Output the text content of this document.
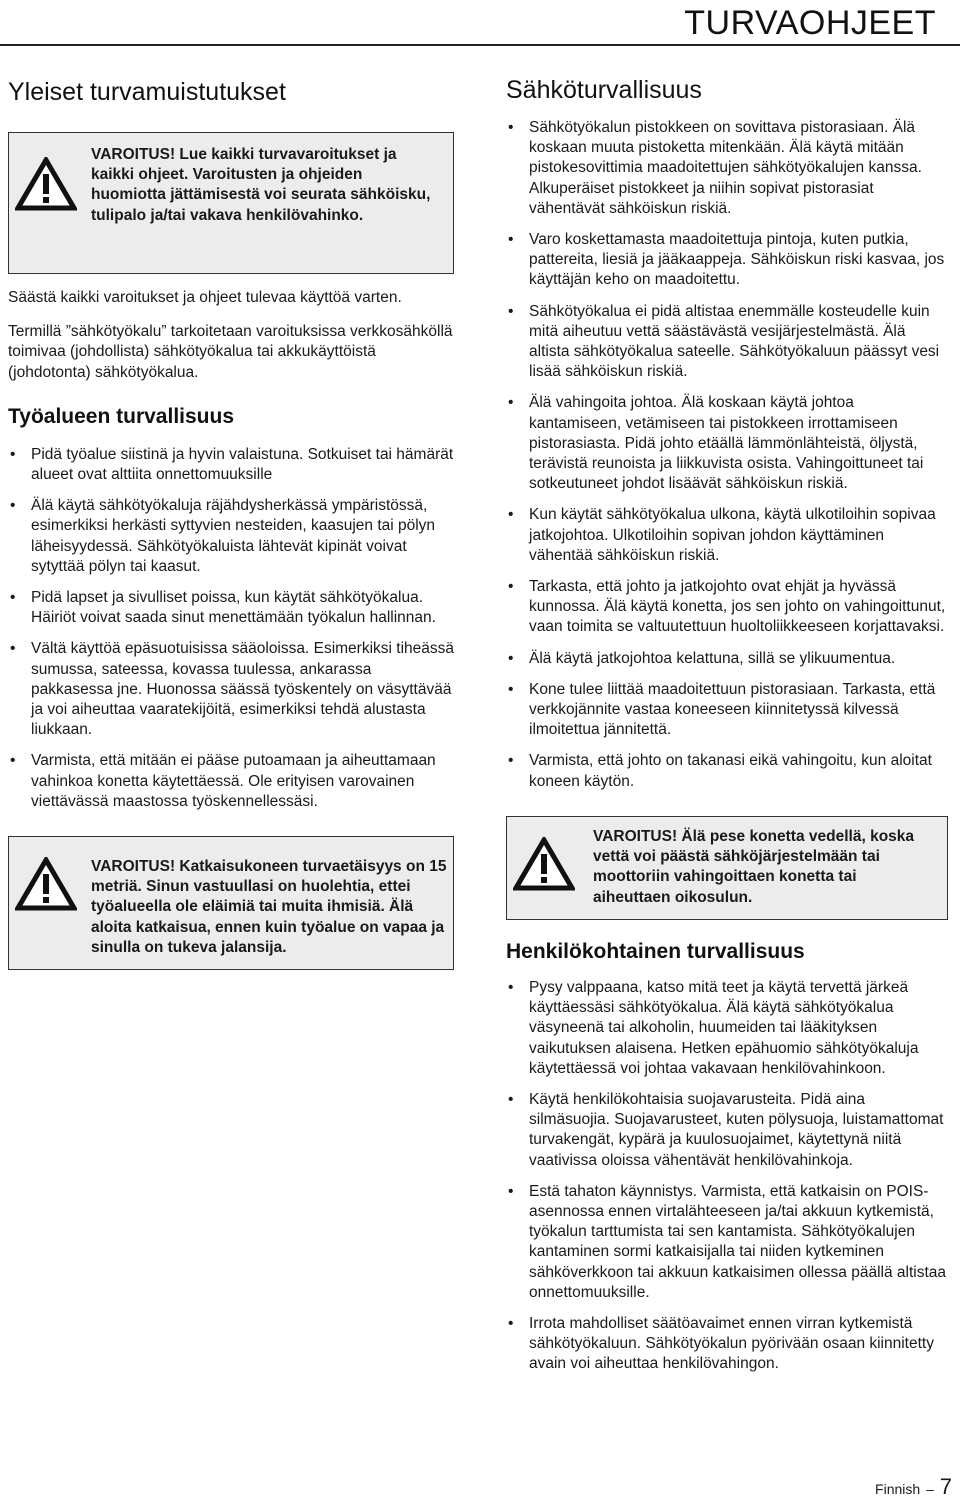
TURVAOHJEET
Yleiset turvamuistutukset

VAROITUS! Lue kaikki turvavaroitukset ja kaikki ohjeet. Varoitusten ja ohjeiden huomiotta jättämisestä voi seurata sähköisku, tulipalo ja/tai vakava henkilövahinko.

Säästä kaikki varoitukset ja ohjeet tulevaa käyttöä varten.

Termillä ”sähkötyökalu” tarkoitetaan varoituksissa verkkosähköllä toimivaa (johdollista) sähkötyökalua tai akkukäyttöistä (johdotonta) sähkötyökalua.

Työalueen turvallisuus
• Pidä työalue siistinä ja hyvin valaistuna. Sotkuiset tai hämärät alueet ovat alttiita onnettomuuksille
• Älä käytä sähkötyökaluja räjähdysherkässä ympäristössä, esimerkiksi herkästi syttyvien nesteiden, kaasujen tai pölyn läheisyydessä. Sähkötyökaluista lähtevät kipinät voivat sytyttää pölyn tai kaasut.
• Pidä lapset ja sivulliset poissa, kun käytät sähkötyökalua. Häiriöt voivat saada sinut menettämään työkalun hallinnan.
• Vältä käyttöä epäsuotuisissa sääoloissa. Esimerkiksi tiheässä sumussa, sateessa, kovassa tuulessa, ankarassa pakkasessa jne. Huonossa säässä työskentely on väsyttävää ja voi aiheuttaa vaaratekijöitä, esimerkiksi tehdä alustasta liukkaan.
• Varmista, että mitään ei pääse putoamaan ja aiheuttamaan vahinkoa konetta käytettäessä. Ole erityisen varovainen viettävässä maastossa työskennellessäsi.

VAROITUS! Katkaisukoneen turvaetäisyys on 15 metriä. Sinun vastuullasi on huolehtia, ettei työalueella ole eläimiä tai muita ihmisiä. Älä aloita katkaisua, ennen kuin työalue on vapaa ja sinulla on tukeva jalansija.

Sähköturvallisuus
• Sähkötyökalun pistokkeen on sovittava pistorasiaan. Älä koskaan muuta pistoketta mitenkään. Älä käytä mitään pistokesovittimia maadoitettujen sähkötyökalujen kanssa. Alkuperäiset pistokkeet ja niihin sopivat pistorasiat vähentävät sähköiskun riskiä.
• Varo koskettamasta maadoitettuja pintoja, kuten putkia, pattereita, liesiä ja jääkaappeja. Sähköiskun riski kasvaa, jos käyttäjän keho on maadoitettu.
• Sähkötyökalua ei pidä altistaa enemmälle kosteudelle kuin mitä aiheutuu vettä säästävästä vesijärjestelmästä. Älä altista sähkötyökalua sateelle. Sähkötyökaluun päässyt vesi lisää sähköiskun riskiä.
• Älä vahingoita johtoa. Älä koskaan käytä johtoa kantamiseen, vetämiseen tai pistokkeen irrottamiseen pistorasiasta. Pidä johto etäällä lämmönlähteistä, öljystä, terävistä reunoista ja liikkuvista osista. Vahingoittuneet tai sotkeutuneet johdot lisäävät sähköiskun riskiä.
• Kun käytät sähkötyökalua ulkona, käytä ulkotiloihin sopivaa jatkojohtoa. Ulkotiloihin sopivan johdon käyttäminen vähentää sähköiskun riskiä.
• Tarkasta, että johto ja jatkojohto ovat ehjät ja hyvässä kunnossa. Älä käytä konetta, jos sen johto on vahingoittunut, vaan toimita se valtuutettuun huoltoliikkeeseen korjattavaksi.
• Älä käytä jatkojohtoa kelattuna, sillä se ylikuumentua.
• Kone tulee liittää maadoitettuun pistorasiaan. Tarkasta, että verkkojännite vastaa koneeseen kiinnitetyssä kilvessä ilmoitettua jännitettä.
• Varmista, että johto on takanasi eikä vahingoitu, kun aloitat koneen käytön.

VAROITUS! Älä pese konetta vedellä, koska vettä voi päästä sähköjärjestelmään tai moottoriin vahingoittaen konetta tai aiheuttaen oikosulun.

Henkilökohtainen turvallisuus
• Pysy valppaana, katso mitä teet ja käytä tervettä järkeä käyttäessäsi sähkötyökalua. Älä käytä sähkötyökalua väsyneenä tai alkoholin, huumeiden tai lääkityksen vaikutuksen alaisena. Hetken epähuomio sähkötyökaluja käytettäessä voi johtaa vakavaan henkilövahinkoon.
• Käytä henkilökohtaisia suojavarusteita. Pidä aina silmäsuojia. Suojavarusteet, kuten pölysuoja, luistamattomat turvakengät, kypärä ja kuulosuojaimet, käytettynä niitä vaativissa oloissa vähentävät henkilövahinkoja.
• Estä tahaton käynnistys. Varmista, että katkaisin on POIS-asennossa ennen virtalähteeseen ja/tai akkuun kytkemistä, työkalun tarttumista tai sen kantamista. Sähkötyökalujen kantaminen sormi katkaisijalla tai niiden kytkeminen sähköverkkoon tai akkuun katkaisimen ollessa päällä altistaa onnettomuuksille.
• Irrota mahdolliset säätöavaimet ennen virran kytkemistä sähkötyökaluun. Sähkötyökalun pyörivään osaan kiinnitetty avain voi aiheuttaa henkilövahingon.
Finnish – 7
